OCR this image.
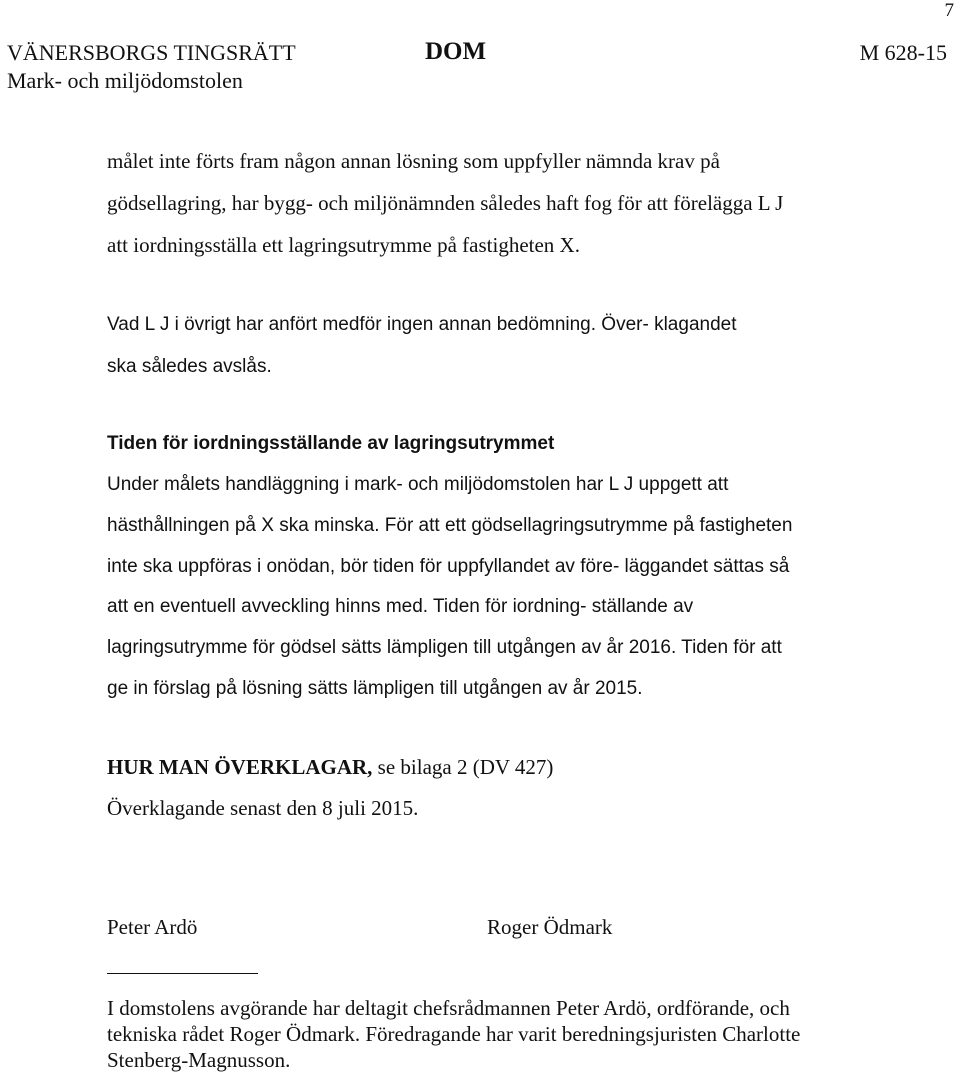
7
VÄNERSBORGS TINGSRÄTT
Mark- och miljödomstolen
DOM	M 628-15
målet inte förts fram någon annan lösning som uppfyller nämnda krav på
gödsellagring, har bygg- och miljönämnden således haft fog för att förelägga L J
att iordningsställa ett lagringsutrymme på fastigheten X.
Vad L J i övrigt har anfört medför ingen annan bedömning. Över- klagandet
ska således avslås.
Tiden för iordningsställande av lagringsutrymmet
Under målets handläggning i mark- och miljödomstolen har L J uppgett att
hästhållningen på X ska minska. För att ett gödsellagringsutrymme på fastigheten
inte ska uppföras i onödan, bör tiden för uppfyllandet av före- läggandet sättas så
att en eventuell avveckling hinns med. Tiden för iordning- ställande av
lagringsutrymme för gödsel sätts lämpligen till utgången av år 2016. Tiden för att
ge in förslag på lösning sätts lämpligen till utgången av år 2015.
HUR MAN ÖVERKLAGAR, se bilaga 2 (DV 427)
Överklagande senast den 8 juli 2015.
Peter Ardö	Roger Ödmark
I domstolens avgörande har deltagit chefsrådmannen Peter Ardö, ordförande, och
tekniska rådet Roger Ödmark. Föredragande har varit beredningsjuristen Charlotte
Stenberg-Magnusson.
